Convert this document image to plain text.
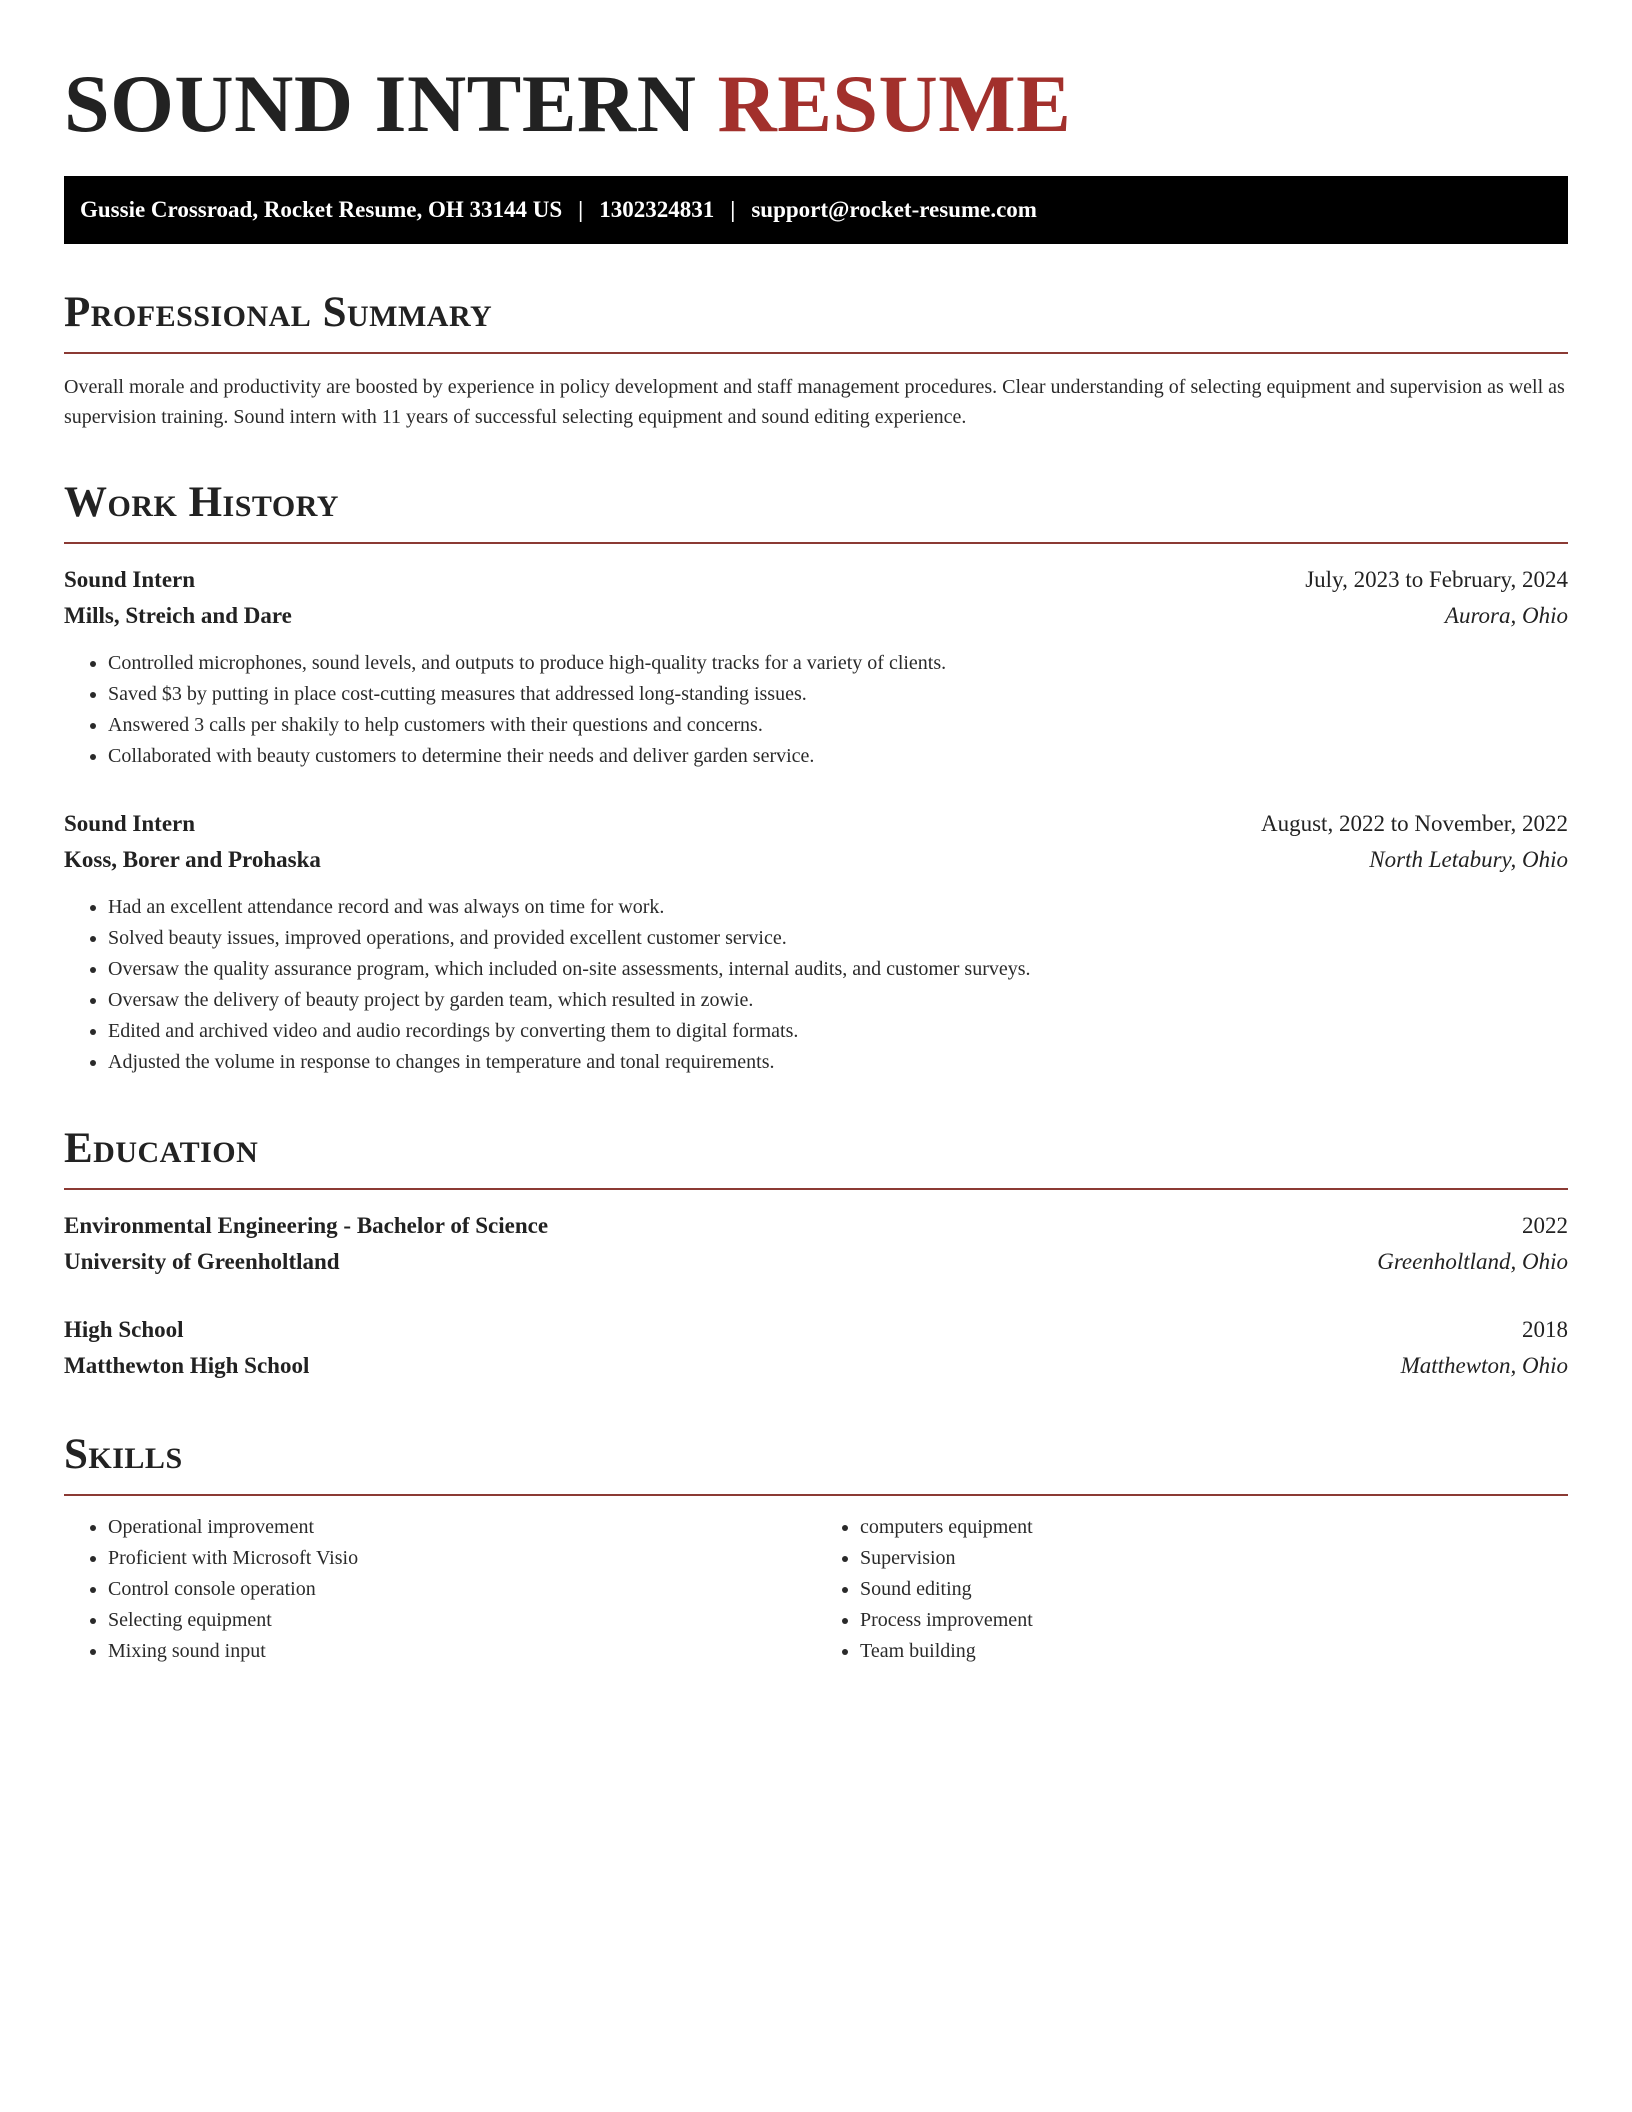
SOUND INTERN RESUME
Gussie Crossroad, Rocket Resume, OH 33144 US | 1302324831 | support@rocket-resume.com
Professional Summary

Overall morale and productivity are boosted by experience in policy development and staff management procedures. Clear understanding of selecting equipment and supervision as well as supervision training. Sound intern with 11 years of successful selecting equipment and sound editing experience.

Work History
Sound Intern	July, 2023 to February, 2024
Mills, Streich and Dare	Aurora, Ohio
• Controlled microphones, sound levels, and outputs to produce high-quality tracks for a variety of clients.
• Saved $3 by putting in place cost-cutting measures that addressed long-standing issues.
• Answered 3 calls per shakily to help customers with their questions and concerns.
• Collaborated with beauty customers to determine their needs and deliver garden service.
Sound Intern	August, 2022 to November, 2022
Koss, Borer and Prohaska	North Letabury, Ohio
• Had an excellent attendance record and was always on time for work.
• Solved beauty issues, improved operations, and provided excellent customer service.
• Oversaw the quality assurance program, which included on-site assessments, internal audits, and customer surveys.
• Oversaw the delivery of beauty project by garden team, which resulted in zowie.
• Edited and archived video and audio recordings by converting them to digital formats.
• Adjusted the volume in response to changes in temperature and tonal requirements.
Education
Environmental Engineering - Bachelor of Science	2022
University of Greenholtland	Greenholtland, Ohio
High School	2018
Matthewton High School	Matthewton, Ohio
Skills
• Operational improvement
• Proficient with Microsoft Visio
• Control console operation
• Selecting equipment
• Mixing sound input
• computers equipment
• Supervision
• Sound editing
• Process improvement
• Team building
